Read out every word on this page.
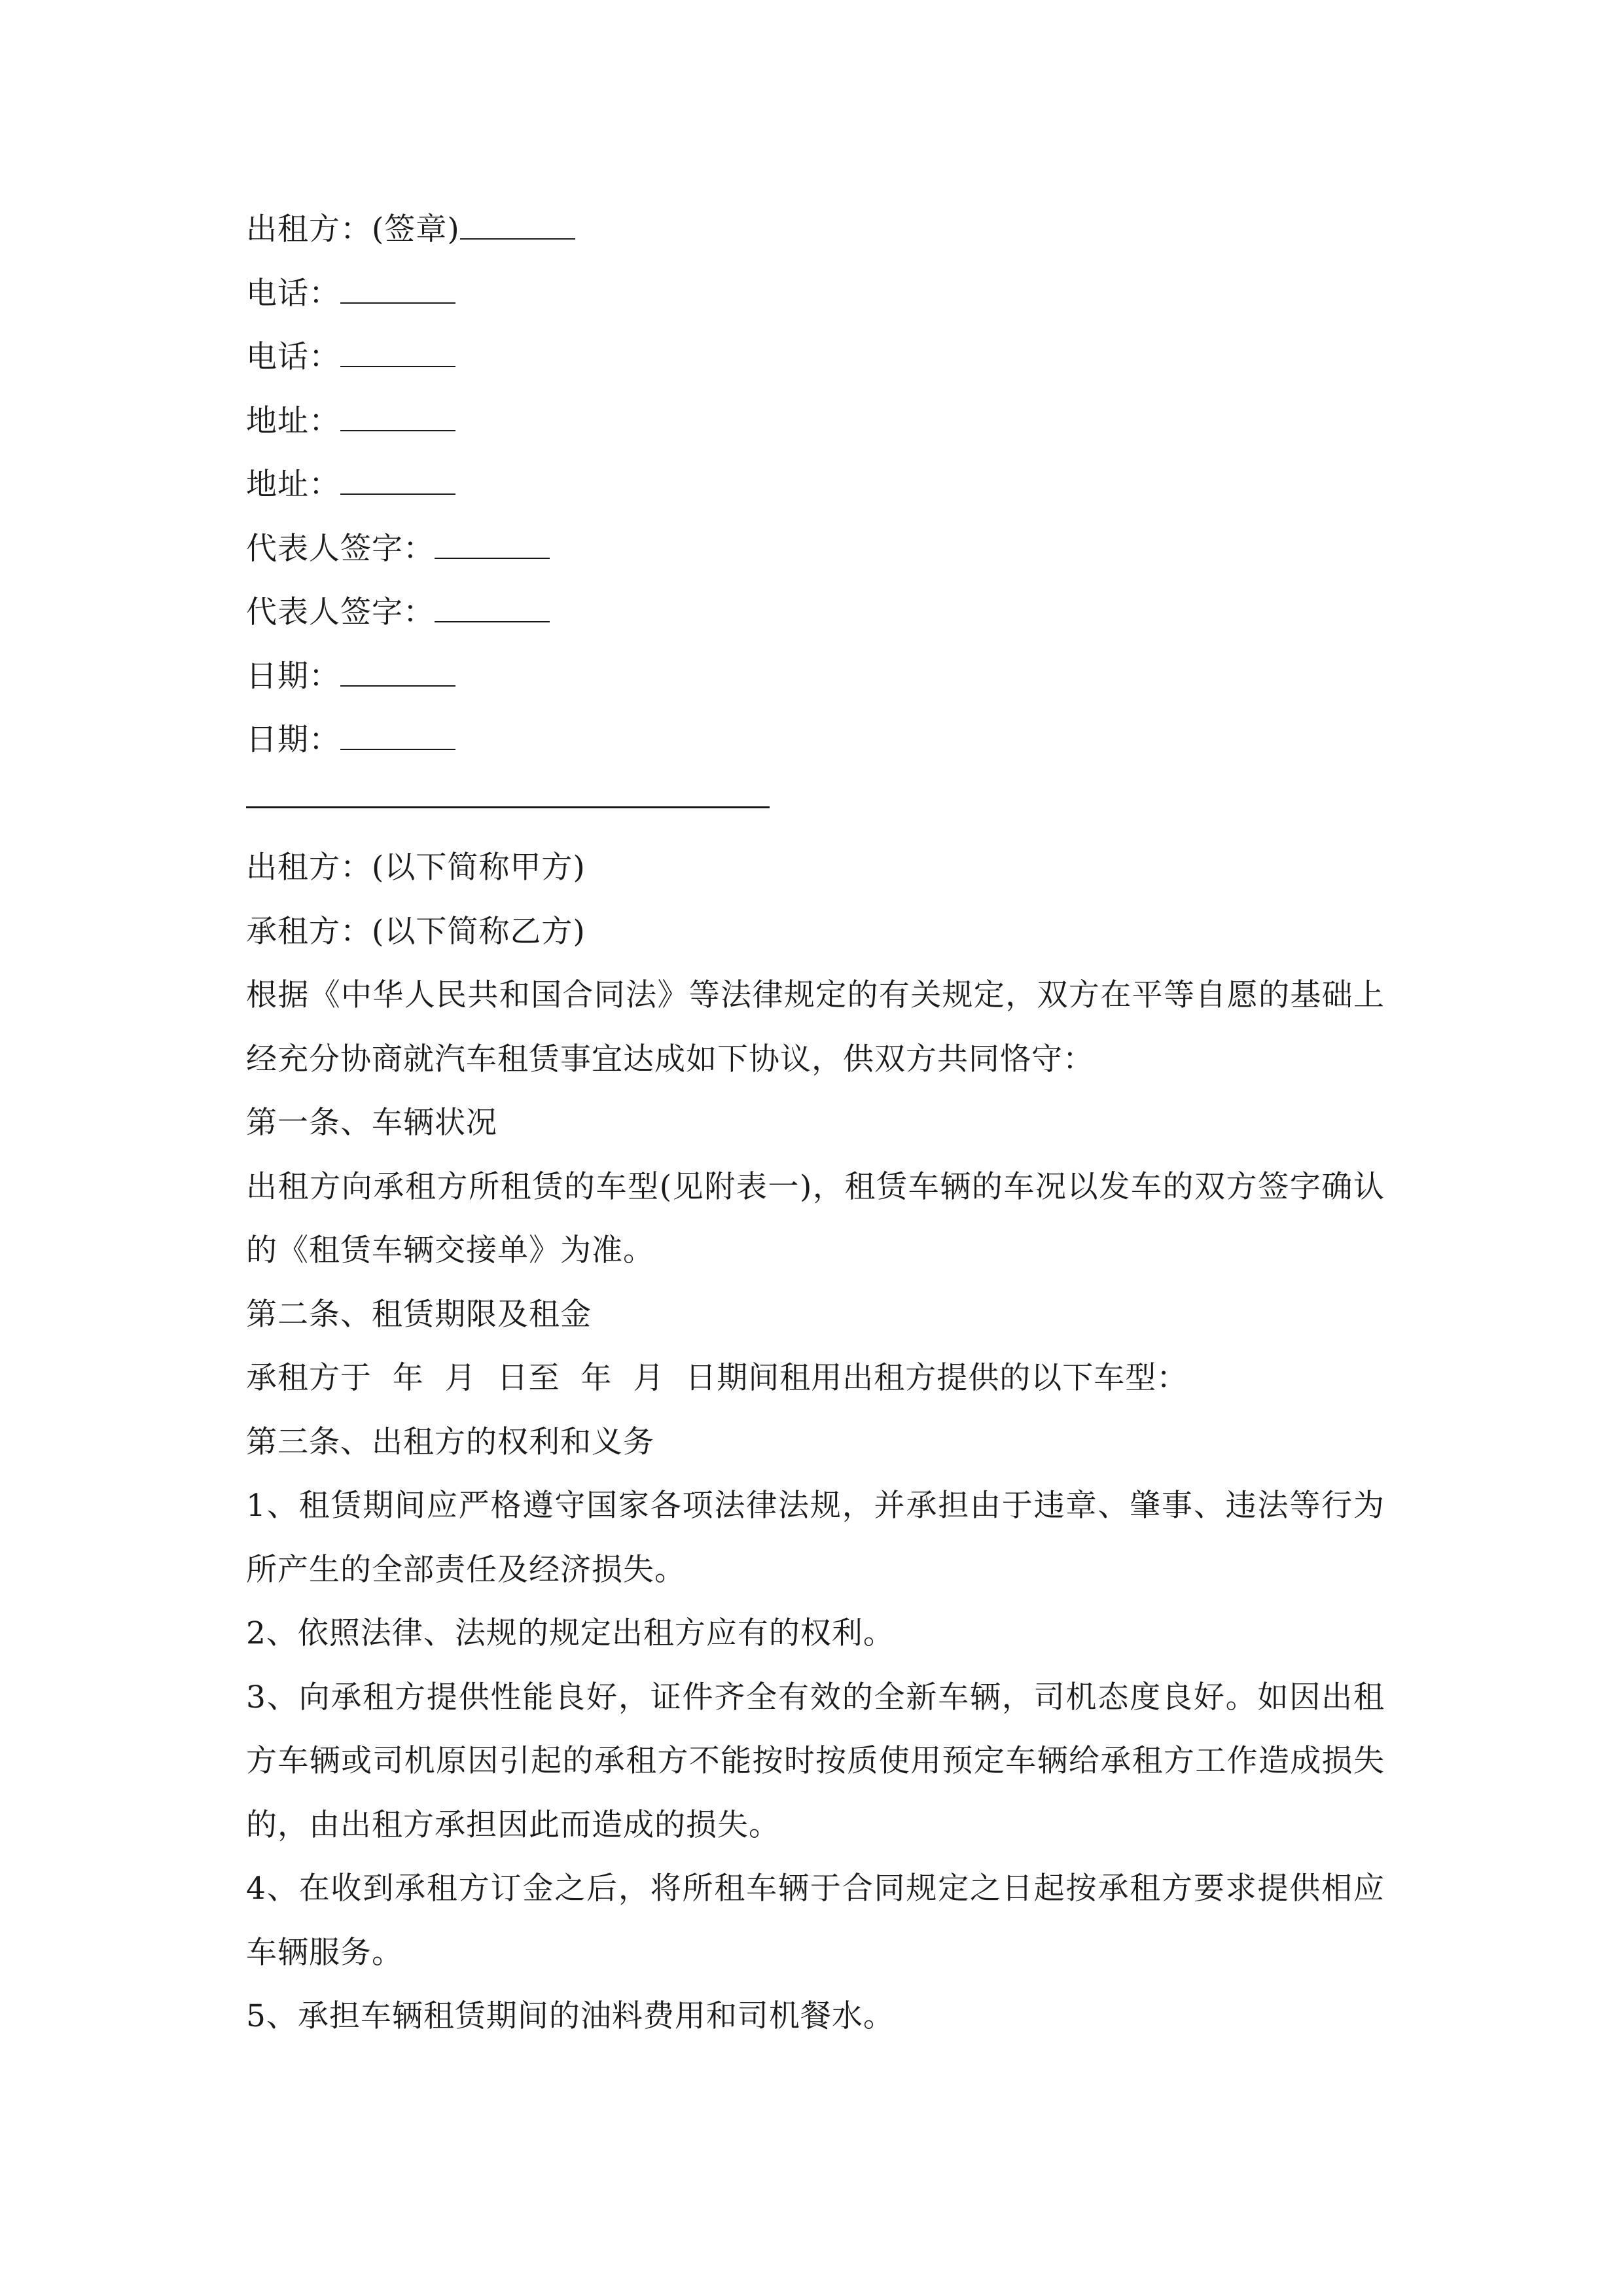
出租方：(签章)
电话：
电话：
地址：
地址：
代表人签字：
代表人签字：
日期：
日期：
出租方：(以下简称甲方)
承租方：(以下简称乙方)
根据《中华人民共和国合同法》等法律规定的有关规定，双方在平等自愿的基础上经充分协商就汽车租赁事宜达成如下协议，供双方共同恪守：
第一条、车辆状况
出租方向承租方所租赁的车型(见附表一)，租赁车辆的车况以发车的双方签字确认的《租赁车辆交接单》为准。
第二条、租赁期限及租金
承租方于  年  月  日至  年  月  日期间租用出租方提供的以下车型：
第三条、出租方的权利和义务
1、租赁期间应严格遵守国家各项法律法规，并承担由于违章、肇事、违法等行为所产生的全部责任及经济损失。
2、依照法律、法规的规定出租方应有的权利。
3、向承租方提供性能良好，证件齐全有效的全新车辆，司机态度良好。如因出租方车辆或司机原因引起的承租方不能按时按质使用预定车辆给承租方工作造成损失的，由出租方承担因此而造成的损失。
4、在收到承租方订金之后，将所租车辆于合同规定之日起按承租方要求提供相应车辆服务。
5、承担车辆租赁期间的油料费用和司机餐水。
